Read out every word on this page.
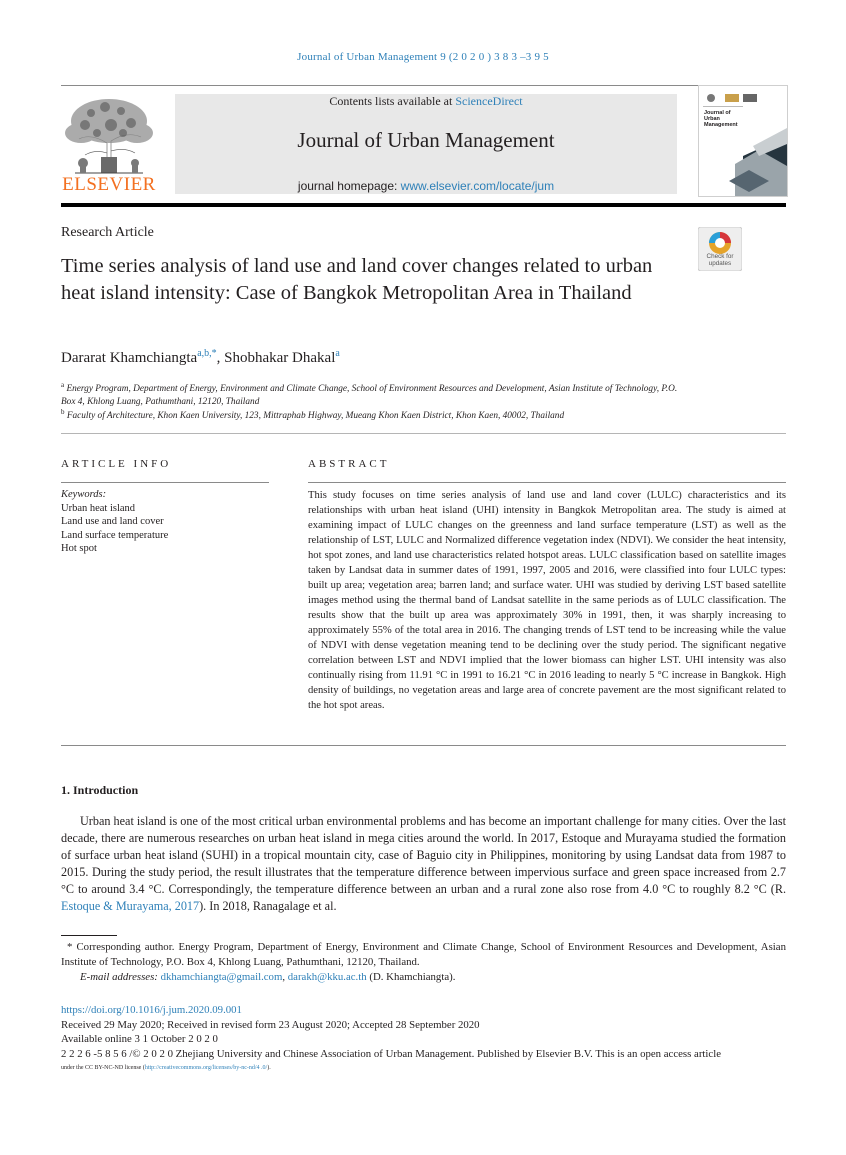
Journal of Urban Management 9 (2 0 2 0 ) 3 8 3 –3 9 5
ELSEVIER
Contents lists available at ScienceDirect
Journal of Urban Management
journal homepage: www.elsevier.com/locate/jum
Journal of Urban Management
Research Article
Time series analysis of land use and land cover changes related to urban heat island intensity: Case of Bangkok Metropolitan Area in Thailand
Check for updates
Dararat Khamchiangta$^{a,b,*}$, Shobhakar Dhakal$^a$
$^a$ Energy Program, Department of Energy, Environment and Climate Change, School of Environment Resources and Development, Asian Institute of Technology, P.O. Box 4, Khlong Luang, Pathumthani, 12120, Thailand
$^b$ Faculty of Architecture, Khon Kaen University, 123, Mittraphab Highway, Mueang Khon Kaen District, Khon Kaen, 40002, Thailand
ARTICLE INFO	ABSTRACT
Keywords:
Urban heat island
Land use and land cover
Land surface temperature
Hot spot
This study focuses on time series analysis of land use and land cover (LULC) characteristics and its relationships with urban heat island (UHI) intensity in Bangkok Metropolitan area. The study is aimed at examining impact of LULC changes on the greenness and land surface temperature (LST) as well as the relationship of LST, LULC and Normalized difference vegetation index (NDVI). We consider the heat intensity, hot spot zones, and land use characteristics related hotspot areas. LULC classification based on satellite images taken by Landsat data in summer dates of 1991, 1997, 2005 and 2016, were classified into four LULC types: built up area; vegetation area; barren land; and surface water. UHI was studied by deriving LST based satellite images method using the thermal band of Landsat satellite in the same periods as of LULC classification. The results show that the built up area was approximately 30% in 1991, then, it was sharply increasing to approximately 55% of the total area in 2016. The changing trends of LST tend to be increasing while the value of NDVI with dense vegetation meaning tend to be declining over the study period. The significant negative correlation between LST and NDVI implied that the lower biomass can higher LST. UHI intensity was also continually rising from 11.91 °C in 1991 to 16.21 °C in 2016 leading to nearly 5 °C increase in Bangkok. High density of buildings, no vegetation areas and large area of concrete pavement are the most significant related to the hot spot areas.
1. Introduction
Urban heat island is one of the most critical urban environmental problems and has become an important challenge for many cities. Over the last decade, there are numerous researches on urban heat island in mega cities around the world. In 2017, Estoque and Murayama studied the formation of surface urban heat island (SUHI) in a tropical mountain city, case of Baguio city in Philippines, monitoring by using Landsat data from 1987 to 2015. During the study period, the result illustrates that the temperature difference between impervious surface and green space increased from 2.7 °C to around 3.4 °C. Correspondingly, the temperature difference between an urban and a rural zone also rose from 4.0 °C to roughly 8.2 °C (R. Estoque & Murayama, 2017). In 2018, Ranagalage et al.
* Corresponding author. Energy Program, Department of Energy, Environment and Climate Change, School of Environment Resources and Development, Asian Institute of Technology, P.O. Box 4, Khlong Luang, Pathumthani, 12120, Thailand.
E-mail addresses: dkhamchiangta@gmail.com, darakh@kku.ac.th (D. Khamchiangta).
https://doi.org/10.1016/j.jum.2020.09.001
Received 29 May 2020; Received in revised form 23 August 2020; Accepted 28 September 2020
Available online 3 1 October 2 0 2 0
2 2 2 6 -5 8 5 6 /© 2 0 2 0 Zhejiang University and Chinese Association of Urban Management. Published by Elsevier B.V. This is an open access article
under the CC BY-NC-ND license (http://creativecommons.org/licenses/by-nc-nd/4 .0/).
